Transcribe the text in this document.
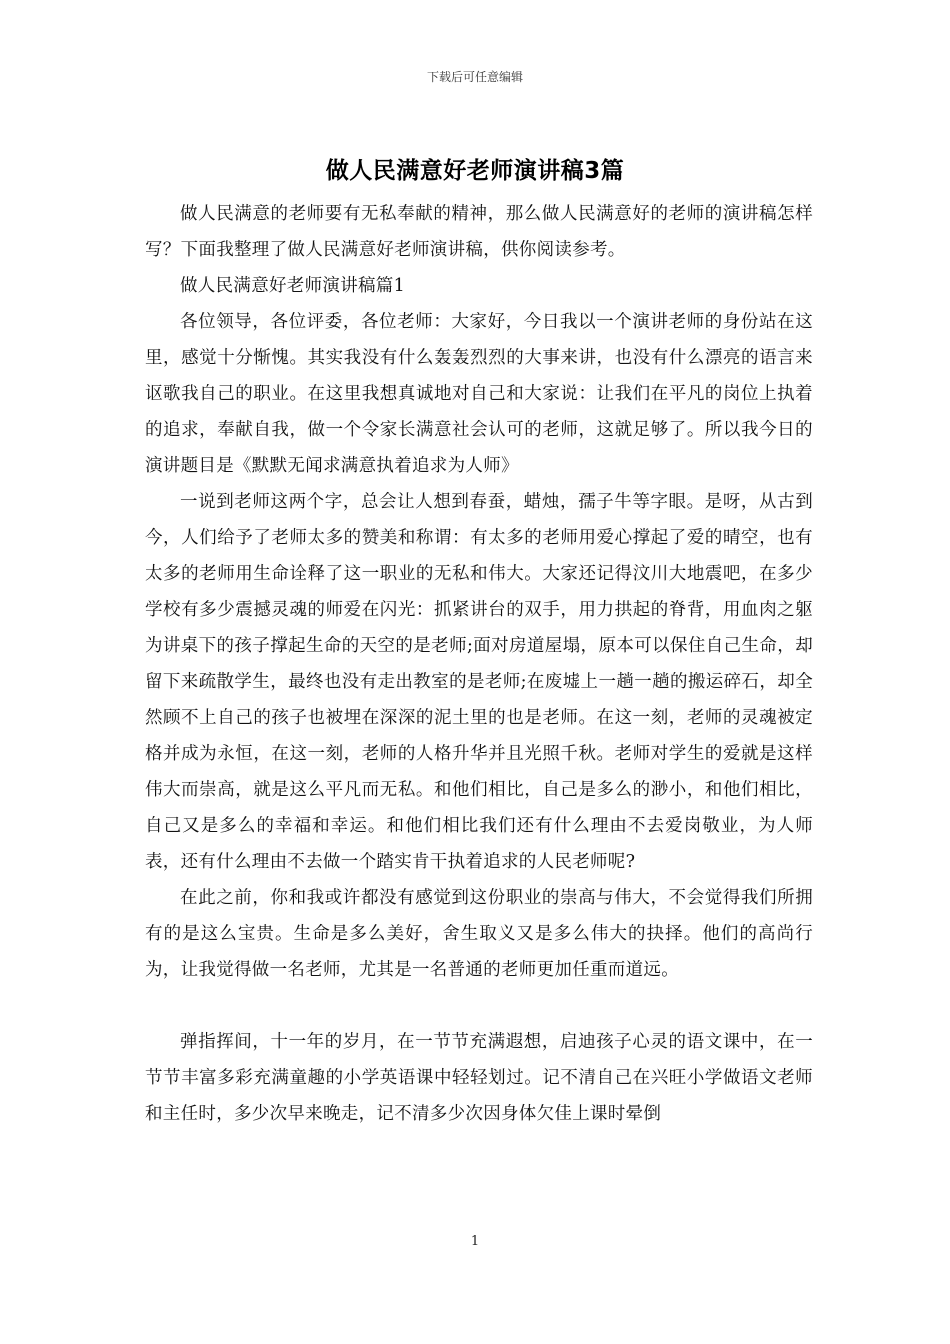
下载后可任意编辑
做人民满意好老师演讲稿3篇

做人民满意的老师要有无私奉献的精神，那么做人民满意好的老师的演讲稿怎样写？下面我整理了做人民满意好老师演讲稿，供你阅读参考。

做人民满意好老师演讲稿篇1

各位领导，各位评委，各位老师：大家好，今日我以一个演讲老师的身份站在这里，感觉十分惭愧。其实我没有什么轰轰烈烈的大事来讲，也没有什么漂亮的语言来讴歌我自己的职业。在这里我想真诚地对自己和大家说：让我们在平凡的岗位上执着的追求，奉献自我，做一个令家长满意社会认可的老师，这就足够了。所以我今日的演讲题目是《默默无闻求满意执着追求为人师》

一说到老师这两个字，总会让人想到春蚕，蜡烛，孺子牛等字眼。是呀，从古到今，人们给予了老师太多的赞美和称谓：有太多的老师用爱心撑起了爱的晴空，也有太多的老师用生命诠释了这一职业的无私和伟大。大家还记得汶川大地震吧，在多少学校有多少震撼灵魂的师爱在闪光：抓紧讲台的双手，用力拱起的脊背，用血肉之躯为讲桌下的孩子撑起生命的天空的是老师;面对房道屋塌，原本可以保住自己生命，却留下来疏散学生，最终也没有走出教室的是老师;在废墟上一趟一趟的搬运碎石，却全然顾不上自己的孩子也被埋在深深的泥土里的也是老师。在这一刻，老师的灵魂被定格并成为永恒，在这一刻，老师的人格升华并且光照千秋。老师对学生的爱就是这样伟大而崇高，就是这么平凡而无私。和他们相比，自己是多么的渺小，和他们相比，自己又是多么的幸福和幸运。和他们相比我们还有什么理由不去爱岗敬业，为人师表，还有什么理由不去做一个踏实肯干执着追求的人民老师呢?

在此之前，你和我或许都没有感觉到这份职业的崇高与伟大，不会觉得我们所拥有的是这么宝贵。生命是多么美好，舍生取义又是多么伟大的抉择。他们的高尚行为，让我觉得做一名老师，尤其是一名普通的老师更加任重而道远。

弹指挥间，十一年的岁月，在一节节充满遐想，启迪孩子心灵的语文课中，在一节节丰富多彩充满童趣的小学英语课中轻轻划过。记不清自己在兴旺小学做语文老师和主任时，多少次早来晚走，记不清多少次因身体欠佳上课时晕倒

1
